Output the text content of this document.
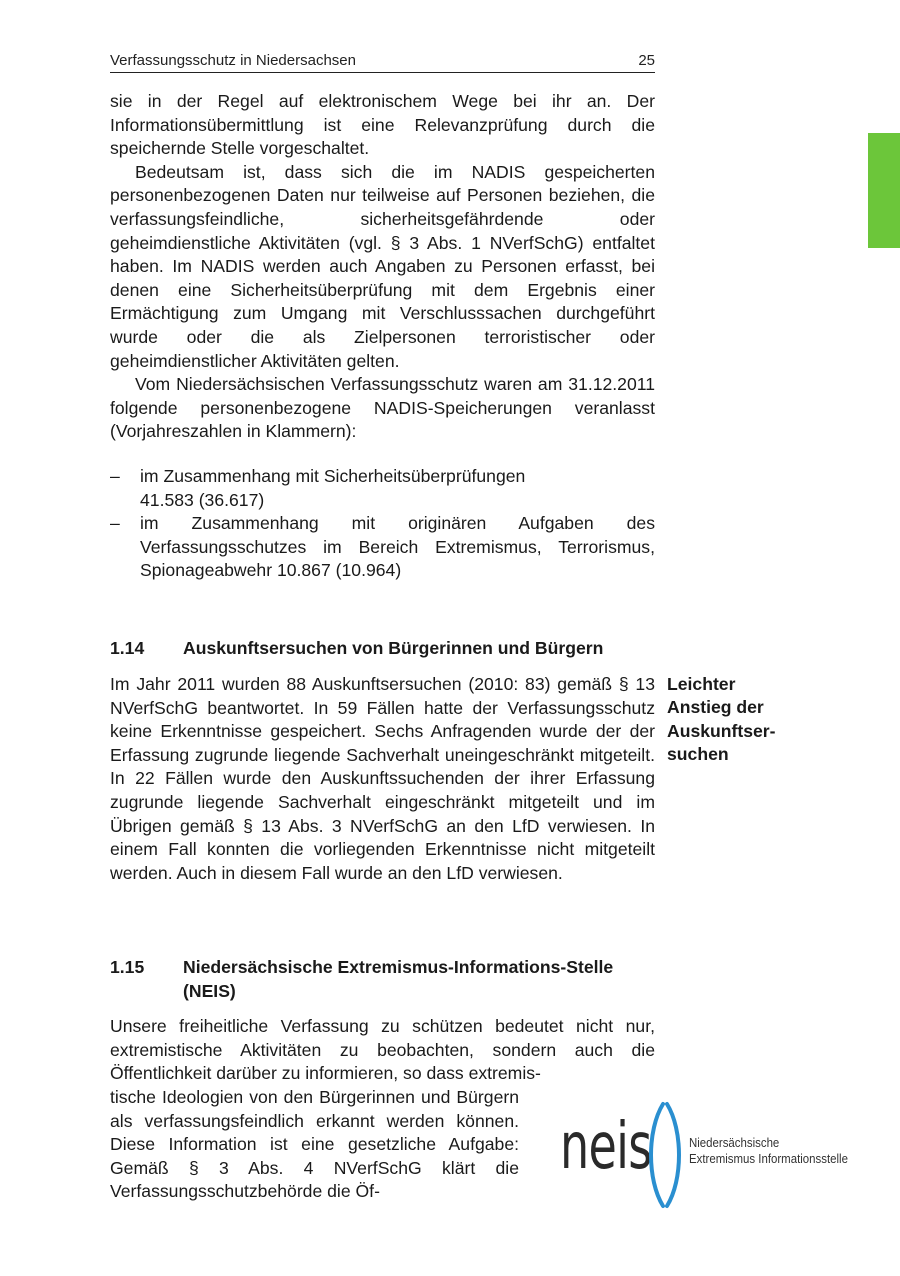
Verfassungsschutz in Niedersachsen	25

sie in der Regel auf elektronischem Wege bei ihr an. Der Informationsübermittlung ist eine Relevanzprüfung durch die speichernde Stelle vorgeschaltet.

Bedeutsam ist, dass sich die im NADIS gespeicherten personenbezogenen Daten nur teilweise auf Personen beziehen, die verfassungsfeindliche, sicherheitsgefährdende oder geheimdienstliche Aktivitäten (vgl. § 3 Abs. 1 NVerfSchG) entfaltet haben. Im NADIS werden auch Angaben zu Personen erfasst, bei denen eine Sicherheitsüberprüfung mit dem Ergebnis einer Ermächtigung zum Umgang mit Verschlusssachen durchgeführt wurde oder die als Zielpersonen terroristischer oder geheimdienstlicher Aktivitäten gelten.

Vom Niedersächsischen Verfassungsschutz waren am 31.12.2011 folgende personenbezogene NADIS-Speicherungen veranlasst (Vorjahreszahlen in Klammern):

– im Zusammenhang mit Sicherheitsüberprüfungen
41.583 (36.617)
– im Zusammenhang mit originären Aufgaben des Verfassungsschutzes im Bereich Extremismus, Terrorismus, Spionageabwehr 10.867 (10.964)
1.14	Auskunftsersuchen von Bürgerinnen und Bürgern

Im Jahr 2011 wurden 88 Auskunftsersuchen (2010: 83) gemäß § 13 NVerfSchG beantwortet. In 59 Fällen hatte der Verfassungsschutz keine Erkenntnisse gespeichert. Sechs Anfragenden wurde der der Erfassung zugrunde liegende Sachverhalt uneingeschränkt mitgeteilt. In 22 Fällen wurde den Auskunftssuchenden der ihrer Erfassung zugrunde liegende Sachverhalt eingeschränkt mitgeteilt und im Übrigen gemäß § 13 Abs. 3 NVerfSchG an den LfD verwiesen. In einem Fall konnten die vorliegenden Erkenntnisse nicht mitgeteilt werden. Auch in diesem Fall wurde an den LfD verwiesen.

Leichter
Anstieg der
Auskunftser-
suchen
1.15	Niedersächsische Extremismus-Informations-Stelle
(NEIS)

Unsere freiheitliche Verfassung zu schützen bedeutet nicht nur, extremistische Aktivitäten zu beobachten, sondern auch die Öffentlichkeit darüber zu informieren, so dass extremis-

tische Ideologien von den Bürgerinnen und Bürgern als verfassungsfeindlich erkannt werden können. Diese Information ist eine gesetzliche Aufgabe: Gemäß § 3 Abs. 4 NVerfSchG klärt die Verfassungsschutzbehörde die Öf-

neis	Niedersächsische
Extremismus Informationsstelle
